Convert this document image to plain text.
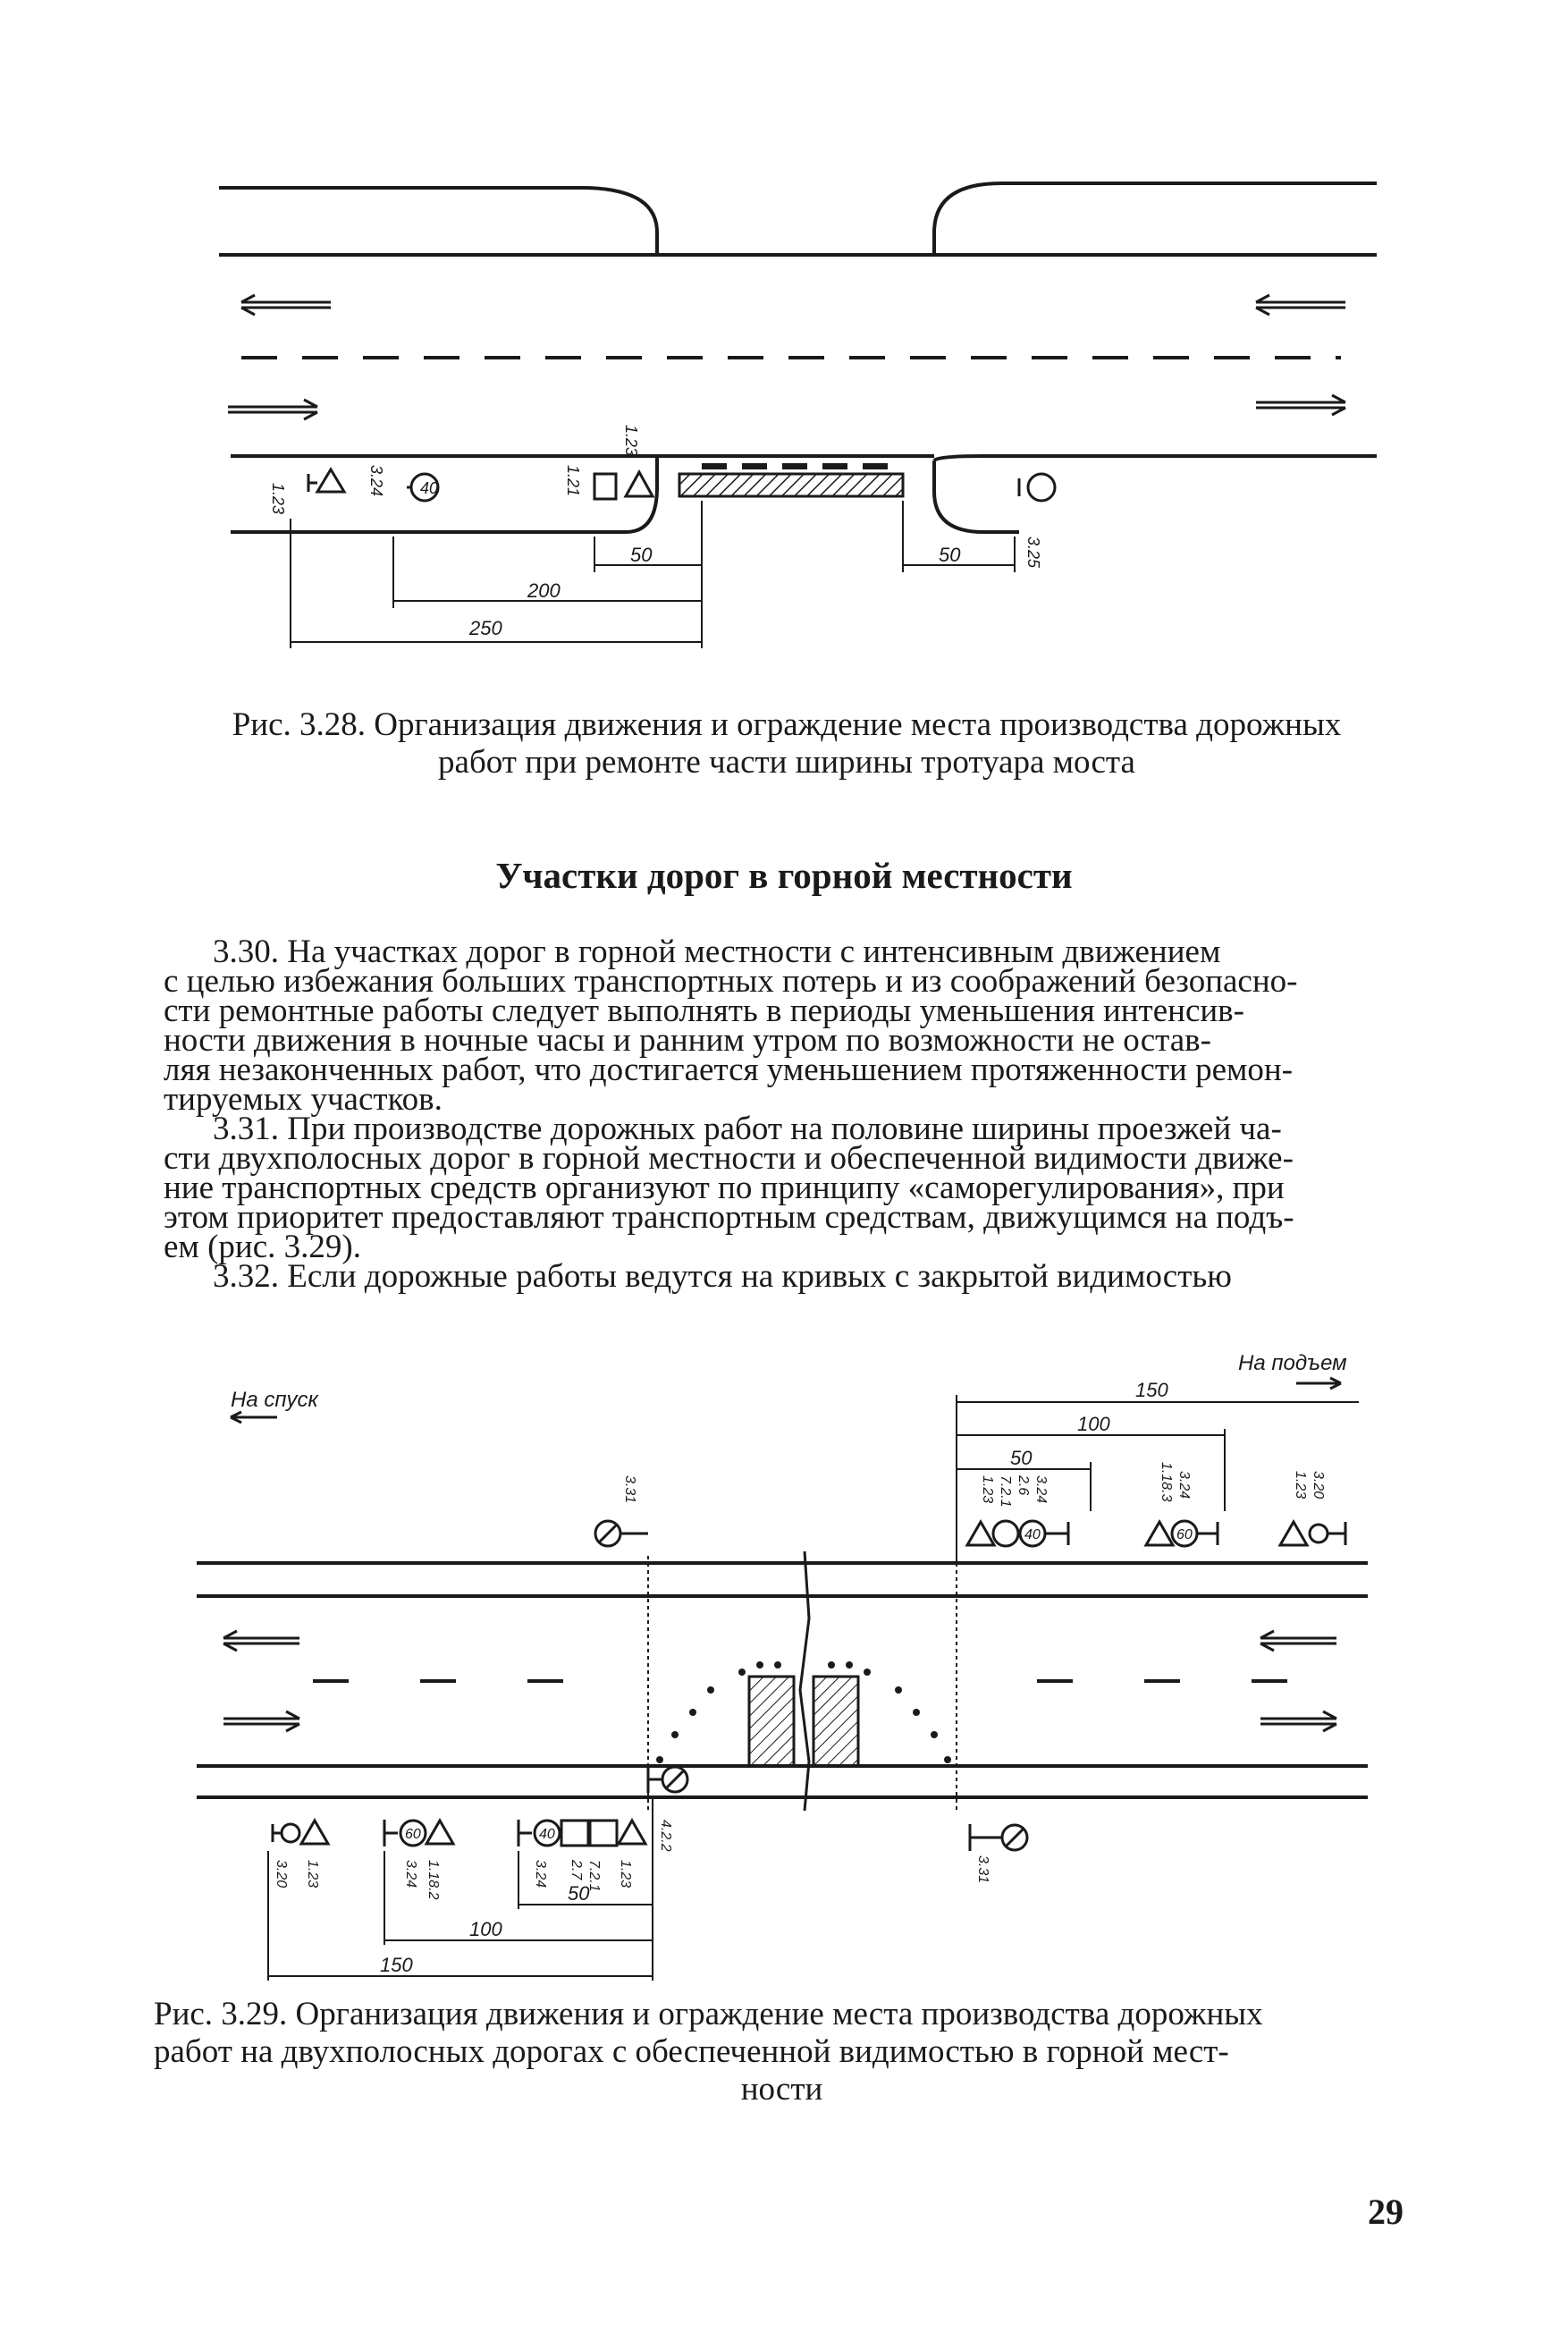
40
50
200
250
50
1.23
3.24	1.21
1.23
3.25
Рис. 3.28. Организация движения и ограждение места производства дорожных
работ при ремонте части ширины тротуара моста
Участки дорог в горной местности
3.30. На участках дорог в горной местности с интенсивным движением
с целью избежания больших транспортных потерь и из соображений безопасно-
сти ремонтные работы следует выполнять в периоды уменьшения интенсив-
ности движения в ночные часы и ранним утром по возможности не остав-
ляя незаконченных работ, что достигается уменьшением протяженности ремон-
тируемых участков.
3.31. При производстве дорожных работ на половине ширины проезжей ча-
сти двухполосных дорог в горной местности и обеспеченной видимости движе-
ние транспортных средств организуют по принципу «саморегулирования», при
этом приоритет предоставляют транспортным средствам, движущимся на подъ-
ем (рис. 3.29).
3.32. Если дорожные работы ведутся на кривых с закрытой видимостью
На спуск
На подъем
40	60
60	40
150
100
50
50
100
150
3.31	1.23 7.2.1 2.6 3.24	1.18.3 3.24	1.23 3.20
3.20 1.23	3.24 1.18.2	3.24 2.7 7.2.1 1.23
4.2.2
3.31
Рис. 3.29. Организация движения и ограждение места производства дорожных
работ на двухполосных дорогах с обеспеченной видимостью в горной мест-
ности
29
